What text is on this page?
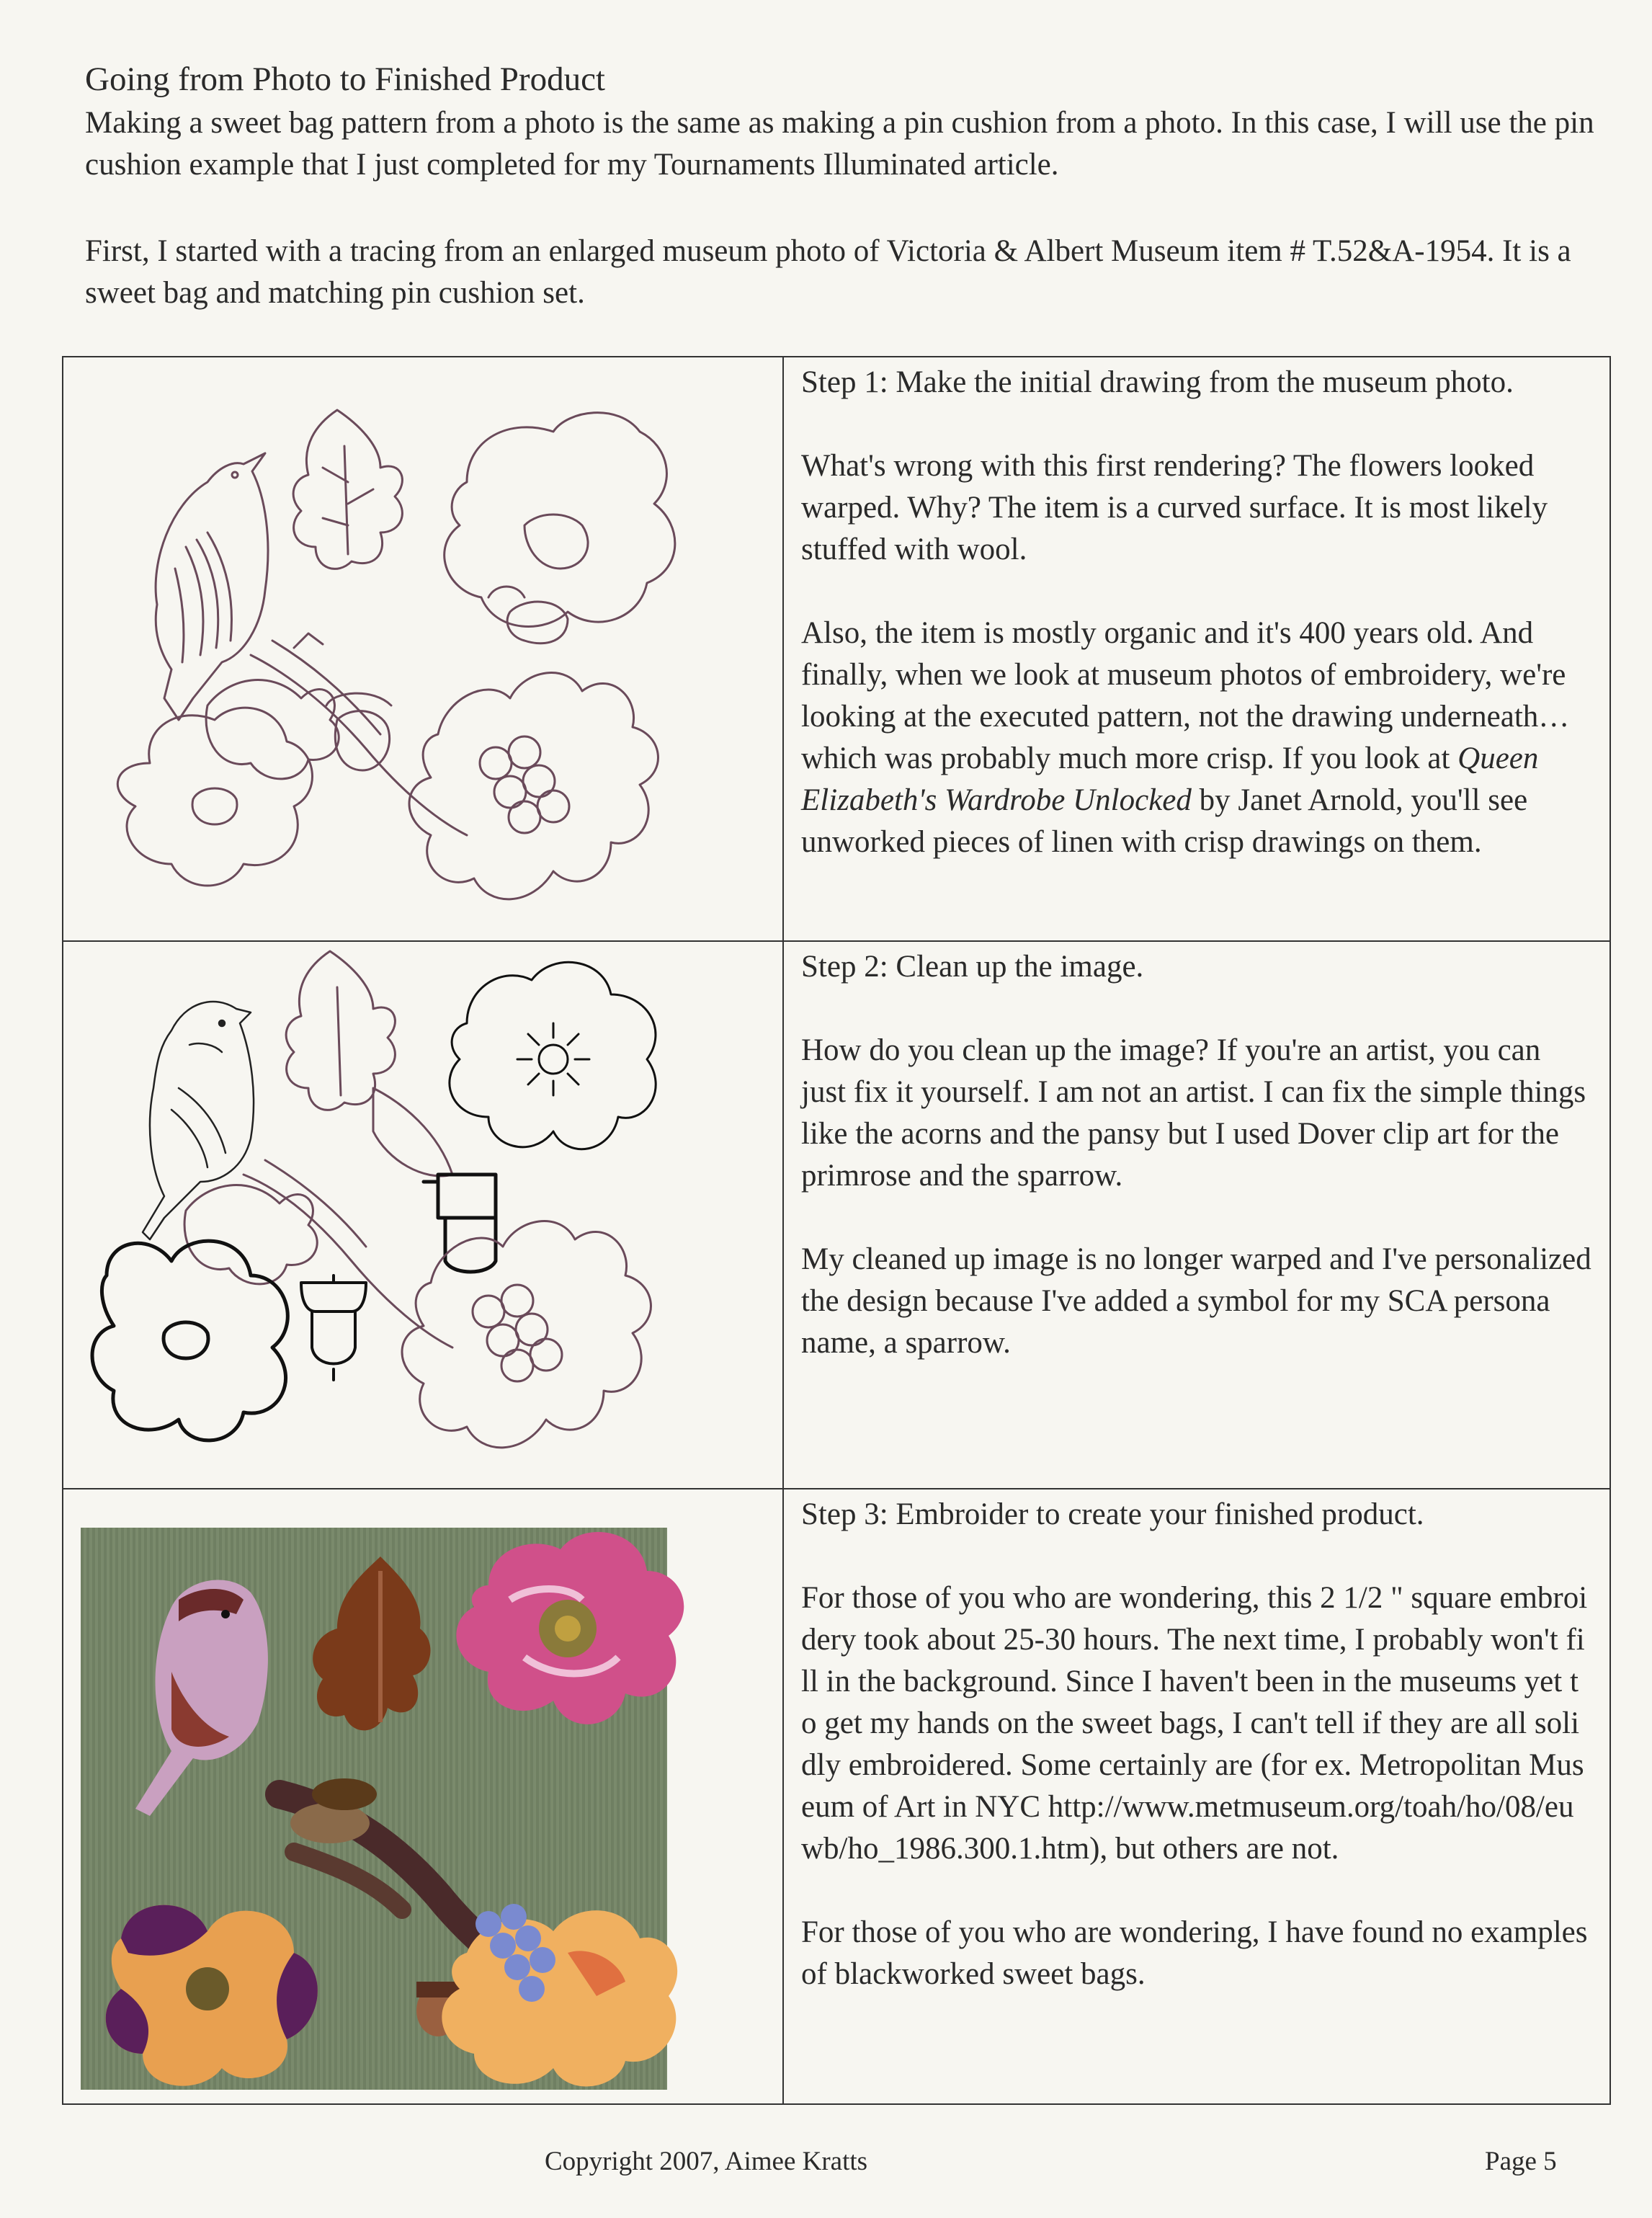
Going from Photo to Finished Product

Making a sweet bag pattern from a photo is the same as making a pin cushion from a photo. In this case, I will use the pin cushion example that I just completed for my Tournaments Illuminated article.

First, I started with a tracing from an enlarged museum photo of Victoria & Albert Museum item # T.52&A-1954. It is a sweet bag and matching pin cushion set.

Step 1: Make the initial drawing from the museum photo.

What's wrong with this first rendering? The flowers looked warped. Why? The item is a curved surface. It is most likely stuffed with wool.

Also, the item is mostly organic and it's 400 years old. And finally, when we look at museum photos of embroidery, we're looking at the executed pattern, not the drawing underneath…which was probably much more crisp. If you look at Queen Elizabeth's Wardrobe Unlocked by Janet Arnold, you'll see unworked pieces of linen with crisp drawings on them.

Step 2: Clean up the image.

How do you clean up the image? If you're an artist, you can just fix it yourself. I am not an artist. I can fix the simple things like the acorns and the pansy but I used Dover clip art for the primrose and the sparrow.

My cleaned up image is no longer warped and I've personalized the design because I've added a symbol for my SCA persona name, a sparrow.

Step 3: Embroider to create your finished product.

For those of you who are wondering, this 2 1/2 " square embroidery took about 25-30 hours. The next time, I probably won't fill in the background. Since I haven't been in the museums yet to get my hands on the sweet bags, I can't tell if they are all solidly embroidered. Some certainly are (for ex. Metropolitan Museum of Art in NYC http://www.metmuseum.org/toah/ho/08/euwb/ho_1986.300.1.htm), but others are not.

For those of you who are wondering, I have found no examples of blackworked sweet bags.

Copyright 2007, Aimee Kratts	Page 5
